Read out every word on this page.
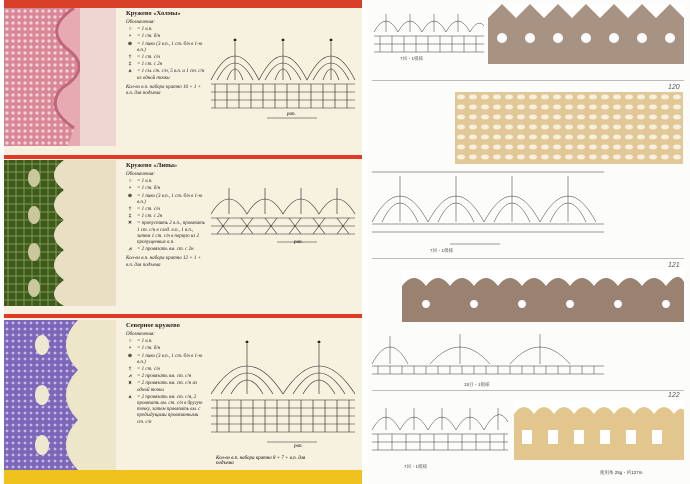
Кружево «Холмы»
Обозначения:
○	= 1 в.п.
+	= 1 ст. б/н
⊕ = 1 пико (3 в.п., 1 ст. б/н в 1-ю в.п.)
†	= 1 ст. с/н
‡	= 1 ст. с 2н
⩚	= 1 см. ст. с/н, 5 в.п. и 1 ст. с/н из одной точки
Кол-во в.п. набора кратно 16 + 1 + в.п. для подъема
рап.
Кружево «Липы»
Обозначения:
○	= 1 в.п.
+	= 1 ст. б/н
⊕ = 1 пико (3 в.п., 1 ст. б/н в 1-ю в.п.)
†	= 1 ст. с/н
‡	= 1 ст. с 2н
✕ = пропустить 2 в.п., провязать 1 ст. с/н в след. в.п., 1 в.п., затем 1 ст. с/н в первую из 2 пропущенных в.п.
⩘	= 2 провязать вм. ст. с 2н
Кол-во в.п. набора кратно 12 + 1 + в.п. для подъема
рап.
Северное кружево
Обозначения:
○	= 1 в.п.
+	= 1 ст. б/н
⊕ = 1 пико (3 в.п., 1 ст. б/н в 1-ю в.п.)
†	= 1 ст. с/н
⩘	= 2 провязать вм. ст. с/н
⩙	= 2 провязать вм. ст. с/н из одной точки
⩚	= 2 провязать вм. ст. с/н, 2 провязать вм. ст. с/н в другую точку, затем провязать вм. с предыдущими провязанными ст. с/н
рап.
Кол-во в.п. набора кратно 8 + 7 + в.п. для подъема
7回・1模様
120
7回・1模様
121
15目・1模様
122
7回・1模様
使用糸 25g・約127m
